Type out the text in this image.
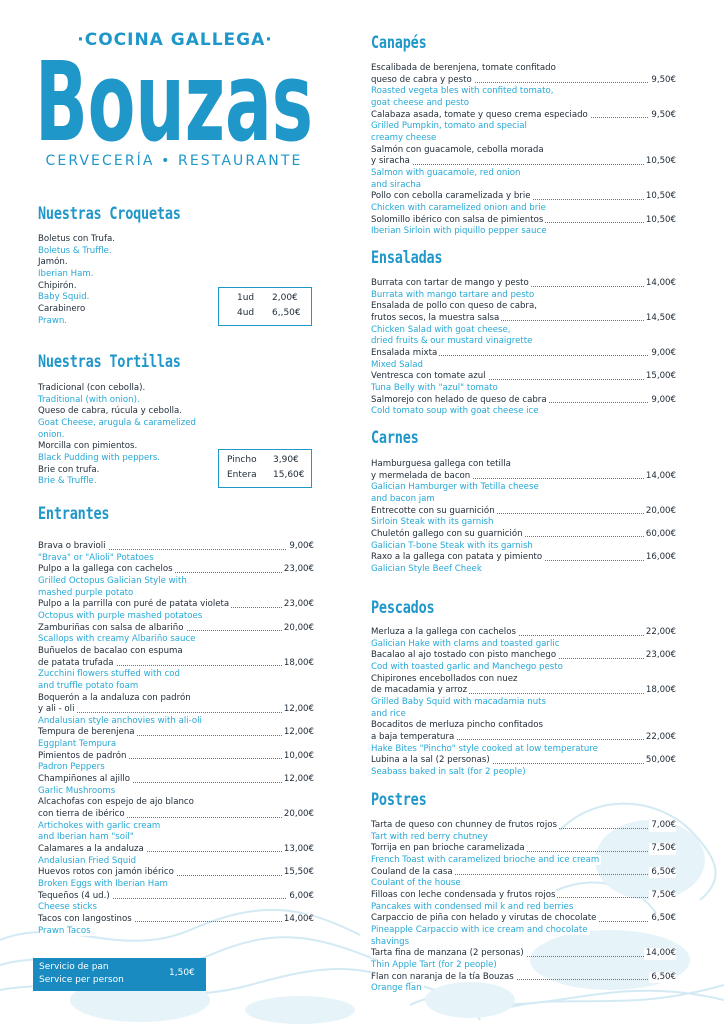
·COCINA GALLEGA·
Bouzas
CERVECERÍA • RESTAURANTE
Nuestras Croquetas
Nuestras Tortillas
Entrantes
Canapés
Ensaladas
Carnes
Pescados
Postres
Boletus con Trufa.
Boletus & Truffle.
Jamón.
Iberian Ham.
Chipirón.
Baby Squid.
Carabinero
Prawn.
Tradicional (con cebolla).
Traditional (with onion).
Queso de cabra, rúcula y cebolla.
Goat Cheese, arugula & caramelized
onion.
Morcilla con pimientos.
Black Pudding with peppers.
Brie con trufa.
Brie & Truffle.
Brava o bravioli	9,00€
"Brava" or "Alioli" Potatoes
Pulpo a la gallega con cachelos	23,00€
Grilled Octopus Galician Style with
mashed purple potato
Pulpo a la parrilla con puré de patata violeta	23,00€
Octopus with purple mashed potatoes
Zamburiñas con salsa de albariño	20,00€
Scallops with creamy Albariño sauce
Buñuelos de bacalao con espuma
de patata trufada	18,00€
Zucchini flowers stuffed with cod
and truffle potato foam
Boquerón a la andaluza con padrón
y ali - oli	12,00€
Andalusian style anchovies with ali-oli
Tempura de berenjena	12,00€
Eggplant Tempura
Pimientos de padrón	10,00€
Padron Peppers
Champiñones al ajillo	12,00€
Garlic Mushrooms
Alcachofas con espejo de ajo blanco
con tierra de ibérico	20,00€
Artichokes with garlic cream
and Iberian ham "soil"
Calamares a la andaluza	13,00€
Andalusian Fried Squid
Huevos rotos con jamón ibérico	15,50€
Broken Eggs with Iberian Ham
Tequeños (4 ud.)	6,00€
Cheese sticks
Tacos con langostinos	14,00€
Prawn Tacos
Escalibada de berenjena, tomate confitado
queso de cabra y pesto	9,50€
Roasted vegeta bles with confited tomato,
goat cheese and pesto
Calabaza asada, tomate y queso crema especiado	9,50€
Grilled Pumpkin, tomato and special
creamy cheese
Salmón con guacamole, cebolla morada
y siracha	10,50€
Salmon with guacamole, red onion
and siracha
Pollo con cebolla caramelizada y brie	10,50€
Chicken with caramelized onion and brie
Solomillo ibérico con salsa de pimientos	10,50€
Iberian Sirloin with piquillo pepper sauce
Burrata con tartar de mango y pesto	14,00€
Burrata with mango tartare and pesto
Ensalada de pollo con queso de cabra,
frutos secos, la muestra salsa	14,50€
Chicken Salad with goat cheese,
dried fruits & our mustard vinaigrette
Ensalada mixta	9,00€
Mixed Salad
Ventresca con tomate azul	15,00€
Tuna Belly with "azul" tomato
Salmorejo con helado de queso de cabra	9,00€
Cold tomato soup with goat cheese ice
Hamburguesa gallega con tetilla
y mermelada de bacon	14,00€
Galician Hamburger with Tetilla cheese
and bacon jam
Entrecotte con su guarnición	20,00€
Sirloin Steak with its garnish
Chuletón gallego con su guarnición	60,00€
Galician T-bone Steak with its garnish
Raxo a la gallega con patata y pimiento	16,00€
Galician Style Beef Cheek
Merluza a la gallega con cachelos	22,00€
Galician Hake with clams and toasted garlic
Bacalao al ajo tostado con pisto manchego	23,00€
Cod with toasted garlic and Manchego pesto
Chipirones encebollados con nuez
de macadamia y arroz	18,00€
Grilled Baby Squid with macadamia nuts
and rice
Bocaditos de merluza pincho confitados
a baja temperatura	22,00€
Hake Bites "Pincho" style cooked at low temperature
Lubina a la sal (2 personas)	50,00€
Seabass baked in salt (for 2 people)
Tarta de queso con chunney de frutos rojos	7,00€
Tart with red berry chutney
Torrija en pan brioche caramelizada	7,50€
French Toast with caramelized brioche and ice cream
Couland de la casa	6,50€
Coulant of the house
Filloas con leche condensada y frutos rojos	7,50€
Pancakes with condensed mil k and red berries
Carpaccio de piña con helado y virutas de chocolate	6,50€
Pineapple Carpaccio with ice cream and chocolate
shavings
Tarta fina de manzana (2 personas)	14,00€
Thin Apple Tart (for 2 people)
Flan con naranja de la tía Bouzas	6,50€
Orange flan
1ud 2,00€
4ud 6,,50€
Pincho 3,90€
Entera 15,60€
Servicio de pan
Service per person
1,50€
